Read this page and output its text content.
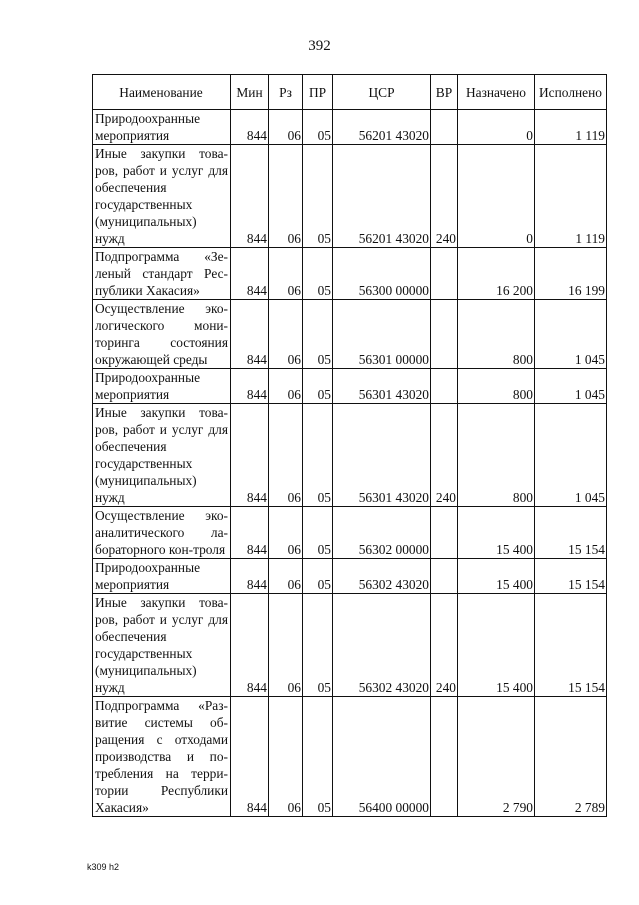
392
Наименование	Мин	Рз	ПР	ЦСР	ВР	Назначено	Исполнено
Природоохранные мероприятия	844	06	05	56201 43020		0	1 119
Иные закупки това-ров, работ и услуг для обеспечения государственных (муниципальных) нужд	844	06	05	56201 43020	240	0	1 119
Подпрограмма «Зе-леный стандарт Рес-публики Хакасия»	844	06	05	56300 00000		16 200	16 199
Осуществление эко-логического мони-торинга состояния окружающей среды	844	06	05	56301 00000		800	1 045
Природоохранные мероприятия	844	06	05	56301 43020		800	1 045
Иные закупки това-ров, работ и услуг для обеспечения государственных (муниципальных) нужд	844	06	05	56301 43020	240	800	1 045
Осуществление эко-аналитического ла-бораторного кон-троля	844	06	05	56302 00000		15 400	15 154
Природоохранные мероприятия	844	06	05	56302 43020		15 400	15 154
Иные закупки това-ров, работ и услуг для обеспечения государственных (муниципальных) нужд	844	06	05	56302 43020	240	15 400	15 154
Подпрограмма «Раз-витие системы об-ращения с отходами производства и по-требления на терри-тории Республики Хакасия»	844	06	05	56400 00000		2 790	2 789
k309 h2
